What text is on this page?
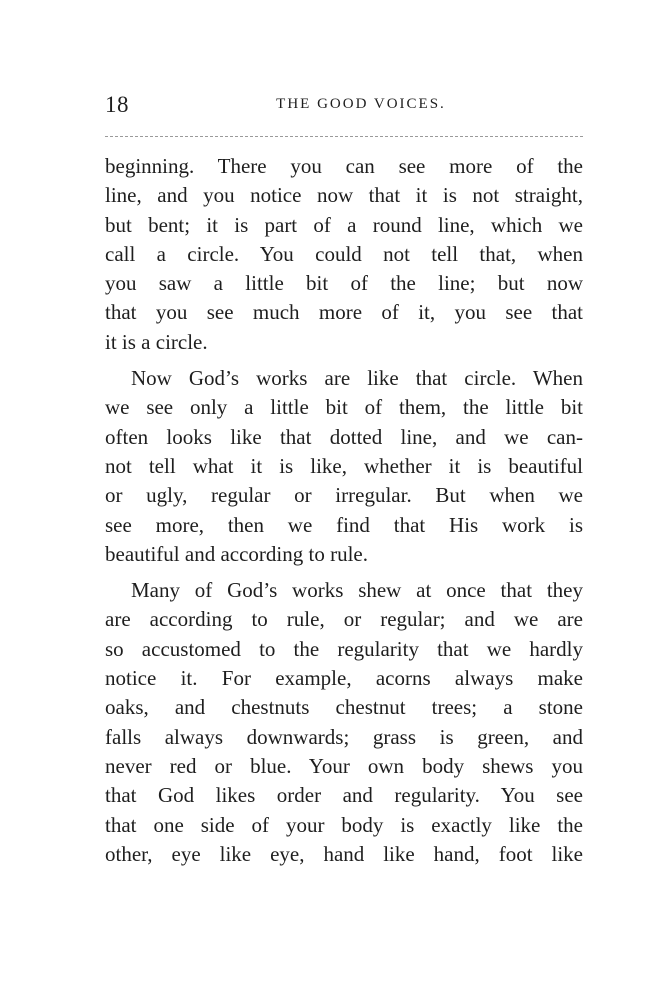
18	THE GOOD VOICES.
beginning. There you can see more of the
line, and you notice now that it is not straight,
but bent; it is part of a round line, which we
call a circle. You could not tell that, when
you saw a little bit of the line; but now
that you see much more of it, you see that
it is a circle.
Now God’s works are like that circle. When
we see only a little bit of them, the little bit
often looks like that dotted line, and we can-
not tell what it is like, whether it is beautiful
or ugly, regular or irregular. But when we
see more, then we find that His work is
beautiful and according to rule.
Many of God’s works shew at once that they
are according to rule, or regular; and we are
so accustomed to the regularity that we hardly
notice it. For example, acorns always make
oaks, and chestnuts chestnut trees; a stone
falls always downwards; grass is green, and
never red or blue. Your own body shews you
that God likes order and regularity. You see
that one side of your body is exactly like the
other, eye like eye, hand like hand, foot like
